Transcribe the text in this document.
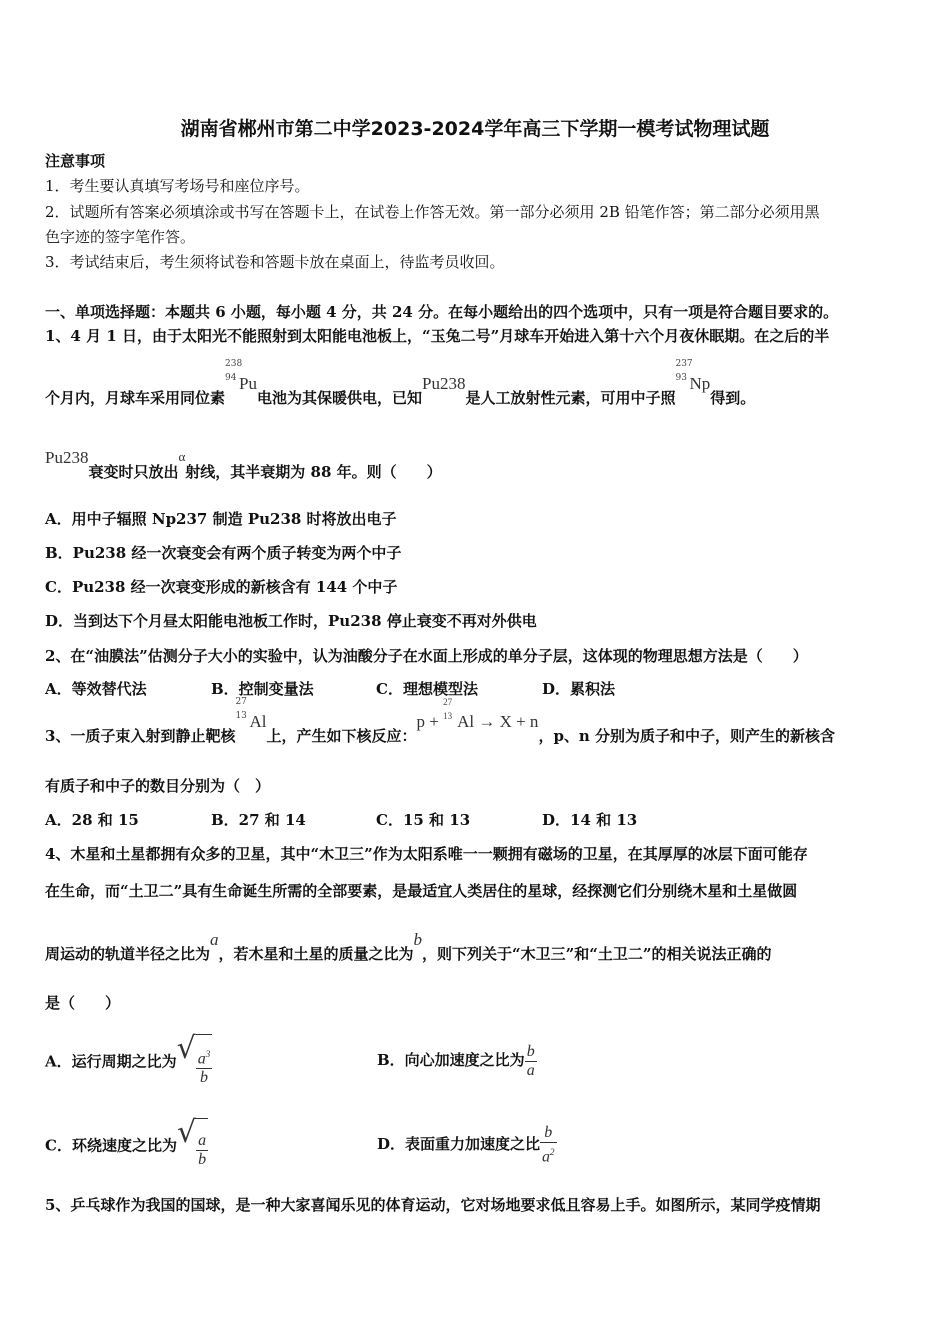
湖南省郴州市第二中学2023-2024学年高三下学期一模考试物理试题
注意事项
1．考生要认真填写考场号和座位序号。
2．试题所有答案必须填涂或书写在答题卡上，在试卷上作答无效。第一部分必须用 2B 铅笔作答；第二部分必须用黑
色字迹的签字笔作答。
3．考试结束后，考生须将试卷和答题卡放在桌面上，待监考员收回。
一、单项选择题：本题共 6 小题，每小题 4 分，共 24 分。在每小题给出的四个选项中，只有一项是符合题目要求的。
1、4 月 1 日，由于太阳光不能照射到太阳能电池板上，“玉兔二号”月球车开始进入第十六个月夜休眠期。在之后的半
个月内，月球车采用同位素
238
94 Pu电池为其保暖供电，已知Pu238是人工放射性元素，可用中子照
237
93 Np得到。
Pu238衰变时只放出α射线，其半衰期为 88 年。则（　　）
A．用中子辐照 Np237 制造 Pu238 时将放出电子
B．Pu238 经一次衰变会有两个质子转变为两个中子
C．Pu238 经一次衰变形成的新核含有 144 个中子
D．当到达下个月昼太阳能电池板工作时，Pu238 停止衰变不再对外供电
2、在“油膜法”估测分子大小的实验中，认为油酸分子在水面上形成的单分子层，这体现的物理思想方法是（　　）
A．等效替代法	B．控制变量法	C．理想模型法	D．累积法
3、一质子束入射到静止靶核
27
13 Al上，产生如下核反应：p +
27
13 Al → X + n，p、n 分别为质子和中子，则产生的新核含
有质子和中子的数目分别为（　）
A．28 和 15	B．27 和 14	C．15 和 13	D．14 和 13
4、木星和土星都拥有众多的卫星，其中“木卫三”作为太阳系唯一一颗拥有磁场的卫星，在其厚厚的冰层下面可能存
在生命，而“土卫二”具有生命诞生所需的全部要素，是最适宜人类居住的星球，经探测它们分别绕木星和土星做圆
周运动的轨道半径之比为a，若木星和土星的质量之比为b，则下列关于“木卫三”和“土卫二”的相关说法正确的
是（　　）
A．运行周期之比为 √ $\frac{a^3}{b}$	B．向心加速度之比为 $\frac{b}{a}$
C．环绕速度之比为 √ $\frac{a}{b}$	D．表面重力加速度之比 $\frac{b}{a^2}$
5、乒乓球作为我国的国球，是一种大家喜闻乐见的体育运动，它对场地要求低且容易上手。如图所示，某同学疫情期
